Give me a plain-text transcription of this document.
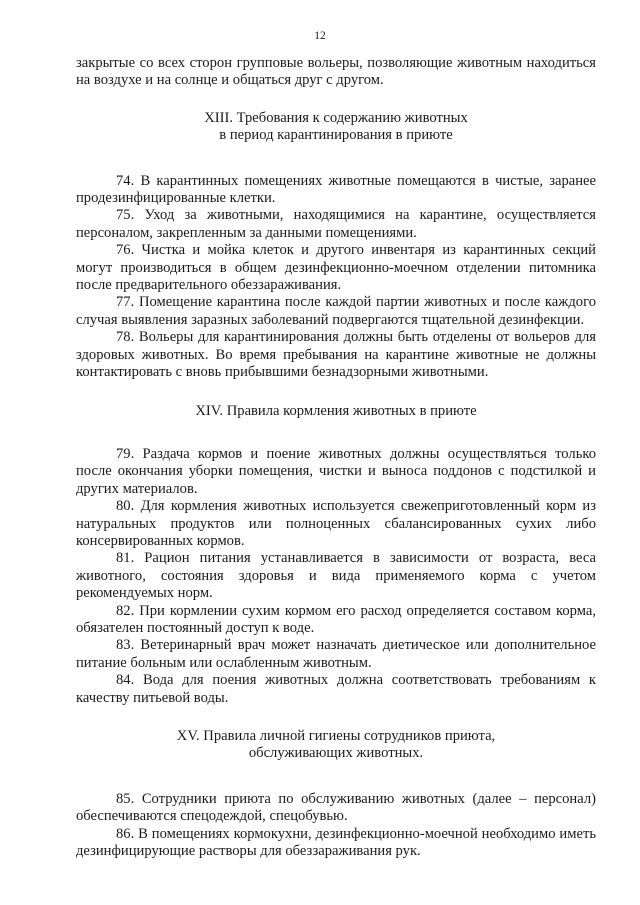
12

закрытые со всех сторон групповые вольеры, позволяющие животным находиться на воздухе и на солнце и общаться друг с другом.

XIII. Требования к содержанию животных
в период карантинирования в приюте

74. В карантинных помещениях животные помещаются в чистые, заранее продезинфицированные клетки.

75. Уход за животными, находящимися на карантине, осуществляется персоналом, закрепленным за данными помещениями.

76. Чистка и мойка клеток и другого инвентаря из карантинных секций могут производиться в общем дезинфекционно-моечном отделении питомника после предварительного обеззараживания.

77. Помещение карантина после каждой партии животных и после каждого случая выявления заразных заболеваний подвергаются тщательной дезинфекции.

78. Вольеры для карантинирования должны быть отделены от вольеров для здоровых животных. Во время пребывания на карантине животные не должны контактировать с вновь прибывшими безнадзорными животными.

XIV. Правила кормления животных в приюте

79. Раздача кормов и поение животных должны осуществляться только после окончания уборки помещения, чистки и выноса поддонов с подстилкой и других материалов.

80. Для кормления животных используется свежеприготовленный корм из натуральных продуктов или полноценных сбалансированных сухих либо консервированных кормов.

81. Рацион питания устанавливается в зависимости от возраста, веса животного, состояния здоровья и вида применяемого корма с учетом рекомендуемых норм.

82. При кормлении сухим кормом его расход определяется составом корма, обязателен постоянный доступ к воде.

83. Ветеринарный врач может назначать диетическое или дополнительное питание больным или ослабленным животным.

84. Вода для поения животных должна соответствовать требованиям к качеству питьевой воды.

XV. Правила личной гигиены сотрудников приюта,
обслуживающих животных.

85. Сотрудники приюта по обслуживанию животных (далее – персонал) обеспечиваются спецодеждой, спецобувью.

86. В помещениях кормокухни, дезинфекционно-моечной необходимо иметь дезинфицирующие растворы для обеззараживания рук.
